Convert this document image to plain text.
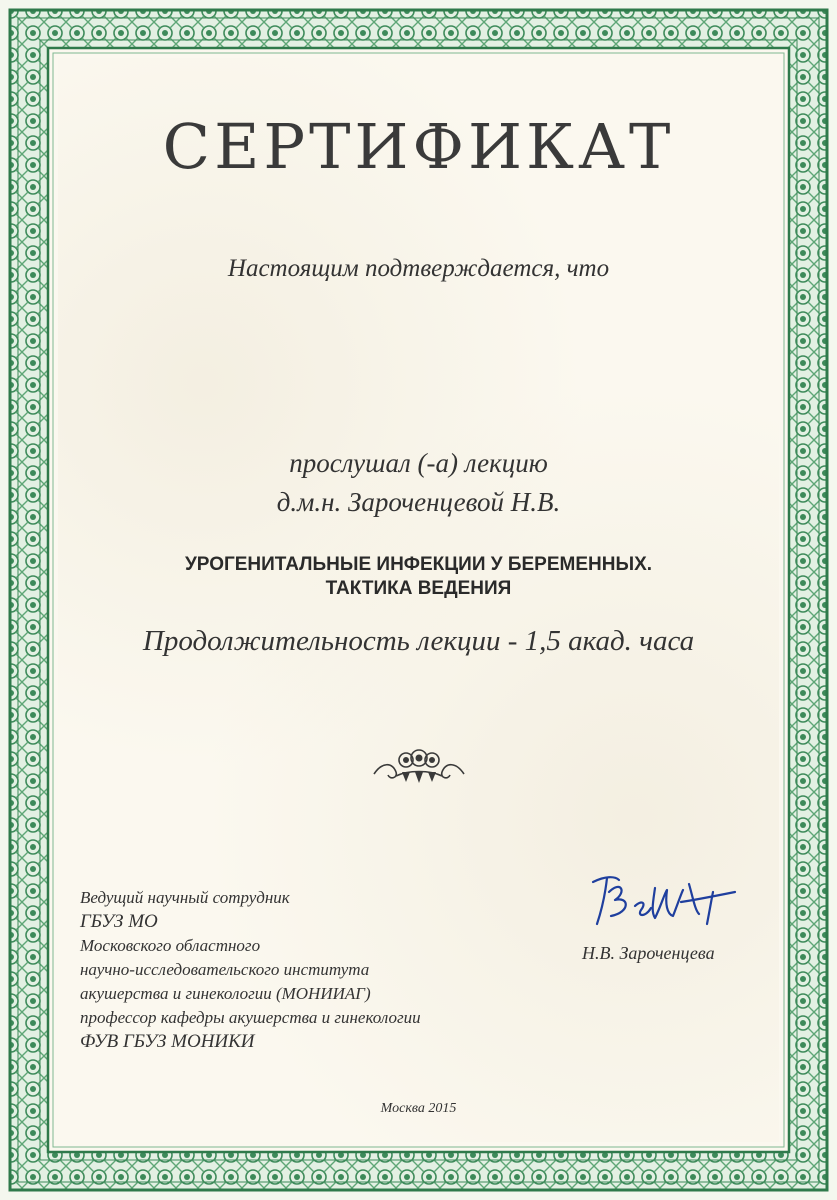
СЕРТИФИКАТ
Настоящим подтверждается, что
прослушал (-а) лекцию
д.м.н. Зароченцевой Н.В.
УРОГЕНИТАЛЬНЫЕ ИНФЕКЦИИ У БЕРЕМЕННЫХ.
ТАКТИКА ВЕДЕНИЯ
Продолжительность лекции - 1,5 акад. часа
Ведущий научный сотрудник
ГБУЗ МО
Московского областного
научно-исследовательского института
акушерства и гинекологии (МОНИИАГ)
профессор кафедры акушерства и гинекологии
ФУВ ГБУЗ МОНИКИ
Н.В. Зароченцева
Москва 2015
